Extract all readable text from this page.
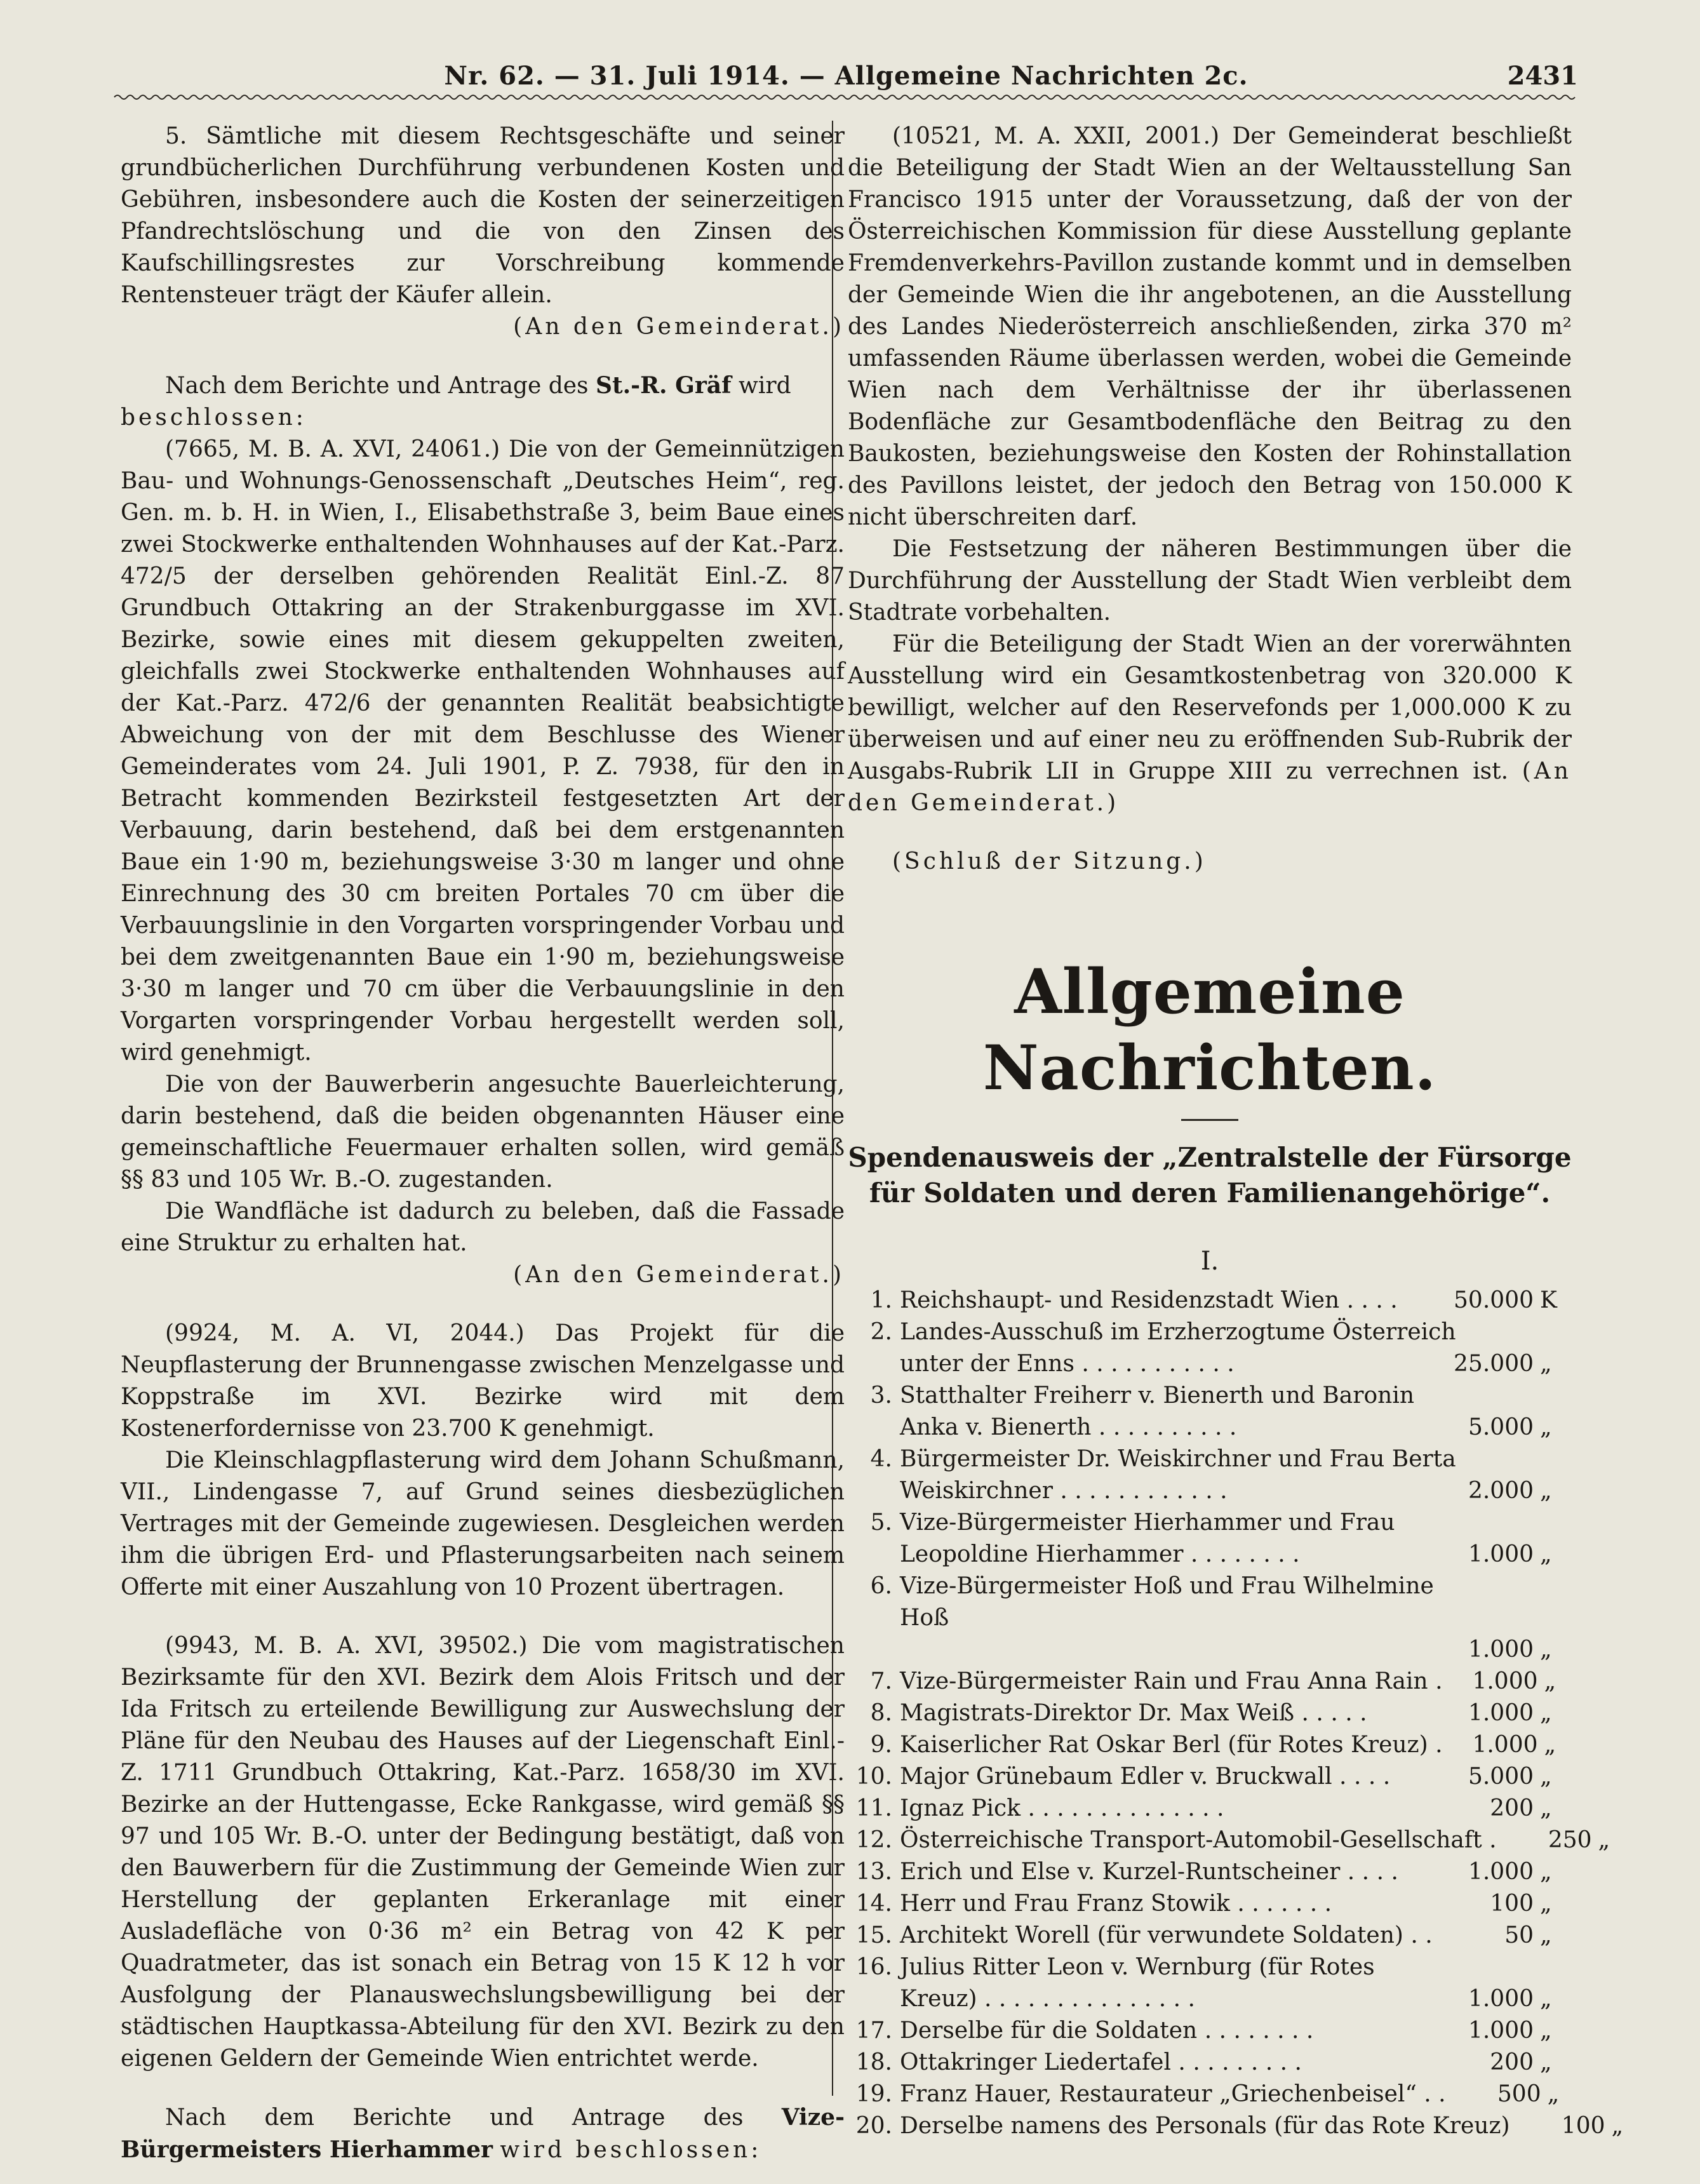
Nr. 62. — 31. Juli 1914. — Allgemeine Nachrichten 2c.	2431

5. Sämtliche mit diesem Rechtsgeschäfte und seiner grundbücherlichen Durchführung verbundenen Kosten und Gebühren, insbesondere auch die Kosten der seinerzeitigen Pfandrechtslöschung und die von den Zinsen des Kaufschillingsrestes zur Vorschreibung kommende Rentensteuer trägt der Käufer allein.

(An den Gemeinderat.)

Nach dem Berichte und Antrage des St.-R. Gräf wird

beschlossen:

(7665, M. B. A. XVI, 24061.) Die von der Gemeinnützigen Bau- und Wohnungs-Genossenschaft „Deutsches Heim“, reg. Gen. m. b. H. in Wien, I., Elisabethstraße 3, beim Baue eines zwei Stockwerke enthaltenden Wohnhauses auf der Kat.-Parz. 472/5 der derselben gehörenden Realität Einl.-Z. 87 Grundbuch Ottakring an der Strakenburggasse im XVI. Bezirke, sowie eines mit diesem gekuppelten zweiten, gleichfalls zwei Stockwerke enthaltenden Wohnhauses auf der Kat.-Parz. 472/6 der genannten Realität beabsichtigte Abweichung von der mit dem Beschlusse des Wiener Gemeinderates vom 24. Juli 1901, P. Z. 7938, für den in Betracht kommenden Bezirksteil festgesetzten Art der Verbauung, darin bestehend, daß bei dem erstgenannten Baue ein 1·90 m, beziehungsweise 3·30 m langer und ohne Einrechnung des 30 cm breiten Portales 70 cm über die Verbauungslinie in den Vorgarten vorspringender Vorbau und bei dem zweitgenannten Baue ein 1·90 m, beziehungsweise 3·30 m langer und 70 cm über die Verbauungslinie in den Vorgarten vorspringender Vorbau hergestellt werden soll, wird genehmigt.

Die von der Bauwerberin angesuchte Bauerleichterung, darin bestehend, daß die beiden obgenannten Häuser eine gemeinschaftliche Feuermauer erhalten sollen, wird gemäß §§ 83 und 105 Wr. B.-O. zugestanden.

Die Wandfläche ist dadurch zu beleben, daß die Fassade eine Struktur zu erhalten hat.

(An den Gemeinderat.)

(9924, M. A. VI, 2044.) Das Projekt für die Neupflasterung der Brunnengasse zwischen Menzelgasse und Koppstraße im XVI. Bezirke wird mit dem Kostenerfordernisse von 23.700 K genehmigt.

Die Kleinschlagpflasterung wird dem Johann Schußmann, VII., Lindengasse 7, auf Grund seines diesbezüglichen Vertrages mit der Gemeinde zugewiesen. Desgleichen werden ihm die übrigen Erd- und Pflasterungsarbeiten nach seinem Offerte mit einer Auszahlung von 10 Prozent übertragen.

(9943, M. B. A. XVI, 39502.) Die vom magistratischen Bezirksamte für den XVI. Bezirk dem Alois Fritsch und der Ida Fritsch zu erteilende Bewilligung zur Auswechslung der Pläne für den Neubau des Hauses auf der Liegenschaft Einl.-Z. 1711 Grundbuch Ottakring, Kat.-Parz. 1658/30 im XVI. Bezirke an der Huttengasse, Ecke Rankgasse, wird gemäß §§ 97 und 105 Wr. B.-O. unter der Bedingung bestätigt, daß von den Bauwerbern für die Zustimmung der Gemeinde Wien zur Herstellung der geplanten Erkeranlage mit einer Ausladefläche von 0·36 m² ein Betrag von 42 K per Quadratmeter, das ist sonach ein Betrag von 15 K 12 h vor Ausfolgung der Planauswechslungsbewilligung bei der städtischen Hauptkassa-Abteilung für den XVI. Bezirk zu den eigenen Geldern der Gemeinde Wien entrichtet werde.

Nach dem Berichte und Antrage des Vize-Bürgermeisters Hierhammer wird beschlossen:

(10521, M. A. XXII, 2001.) Der Gemeinderat beschließt die Beteiligung der Stadt Wien an der Weltausstellung San Francisco 1915 unter der Voraussetzung, daß der von der Österreichischen Kommission für diese Ausstellung geplante Fremdenverkehrs-Pavillon zustande kommt und in demselben der Gemeinde Wien die ihr angebotenen, an die Ausstellung des Landes Niederösterreich anschließenden, zirka 370 m² umfassenden Räume überlassen werden, wobei die Gemeinde Wien nach dem Verhältnisse der ihr überlassenen Bodenfläche zur Gesamtbodenfläche den Beitrag zu den Baukosten, beziehungsweise den Kosten der Rohinstallation des Pavillons leistet, der jedoch den Betrag von 150.000 K nicht überschreiten darf.

Die Festsetzung der näheren Bestimmungen über die Durchführung der Ausstellung der Stadt Wien verbleibt dem Stadtrate vorbehalten.

Für die Beteiligung der Stadt Wien an der vorerwähnten Ausstellung wird ein Gesamtkostenbetrag von 320.000 K bewilligt, welcher auf den Reservefonds per 1,000.000 K zu überweisen und auf einer neu zu eröffnenden Sub-Rubrik der Ausgabs-Rubrik LII in Gruppe XIII zu verrechnen ist. (An den Gemeinderat.)

(Schluß der Sitzung.)

Allgemeine Nachrichten.
Spendenausweis der „Zentralstelle der Fürsorge für Soldaten und deren Familienangehörige“.
I.
1. Reichshaupt- und Residenzstadt Wien . . . .	50.000 K
2. Landes-Ausschuß im Erzherzogtume Österreich
unter der Enns . . . . . . . . . . .	25.000 „
3. Statthalter Freiherr v. Bienerth und Baronin
Anka v. Bienerth . . . . . . . . . .	5.000 „
4. Bürgermeister Dr. Weiskirchner und Frau Berta
Weiskirchner . . . . . . . . . . . .	2.000 „
5. Vize-Bürgermeister Hierhammer und Frau
Leopoldine Hierhammer . . . . . . . .	1.000 „
6. Vize-Bürgermeister Hoß und Frau Wilhelmine
Hoß
1.000 „
7. Vize-Bürgermeister Rain und Frau Anna Rain .	1.000 „
8. Magistrats-Direktor Dr. Max Weiß . . . . .	1.000 „
9. Kaiserlicher Rat Oskar Berl (für Rotes Kreuz) .	1.000 „
10. Major Grünebaum Edler v. Bruckwall . . . .	5.000 „
11. Ignaz Pick . . . . . . . . . . . . . .	200 „
12. Österreichische Transport-Automobil-Gesellschaft .	250 „
13. Erich und Else v. Kurzel-Runtscheiner . . . .	1.000 „
14. Herr und Frau Franz Stowik . . . . . . .	100 „
15. Architekt Worell (für verwundete Soldaten) . .	50 „
16. Julius Ritter Leon v. Wernburg (für Rotes
Kreuz) . . . . . . . . . . . . . . .	1.000 „
17. Derselbe für die Soldaten . . . . . . . .	1.000 „
18. Ottakringer Liedertafel . . . . . . . . .	200 „
19. Franz Hauer, Restaurateur „Griechenbeisel“ . .	500 „
20. Derselbe namens des Personals (für das Rote Kreuz)	100 „
